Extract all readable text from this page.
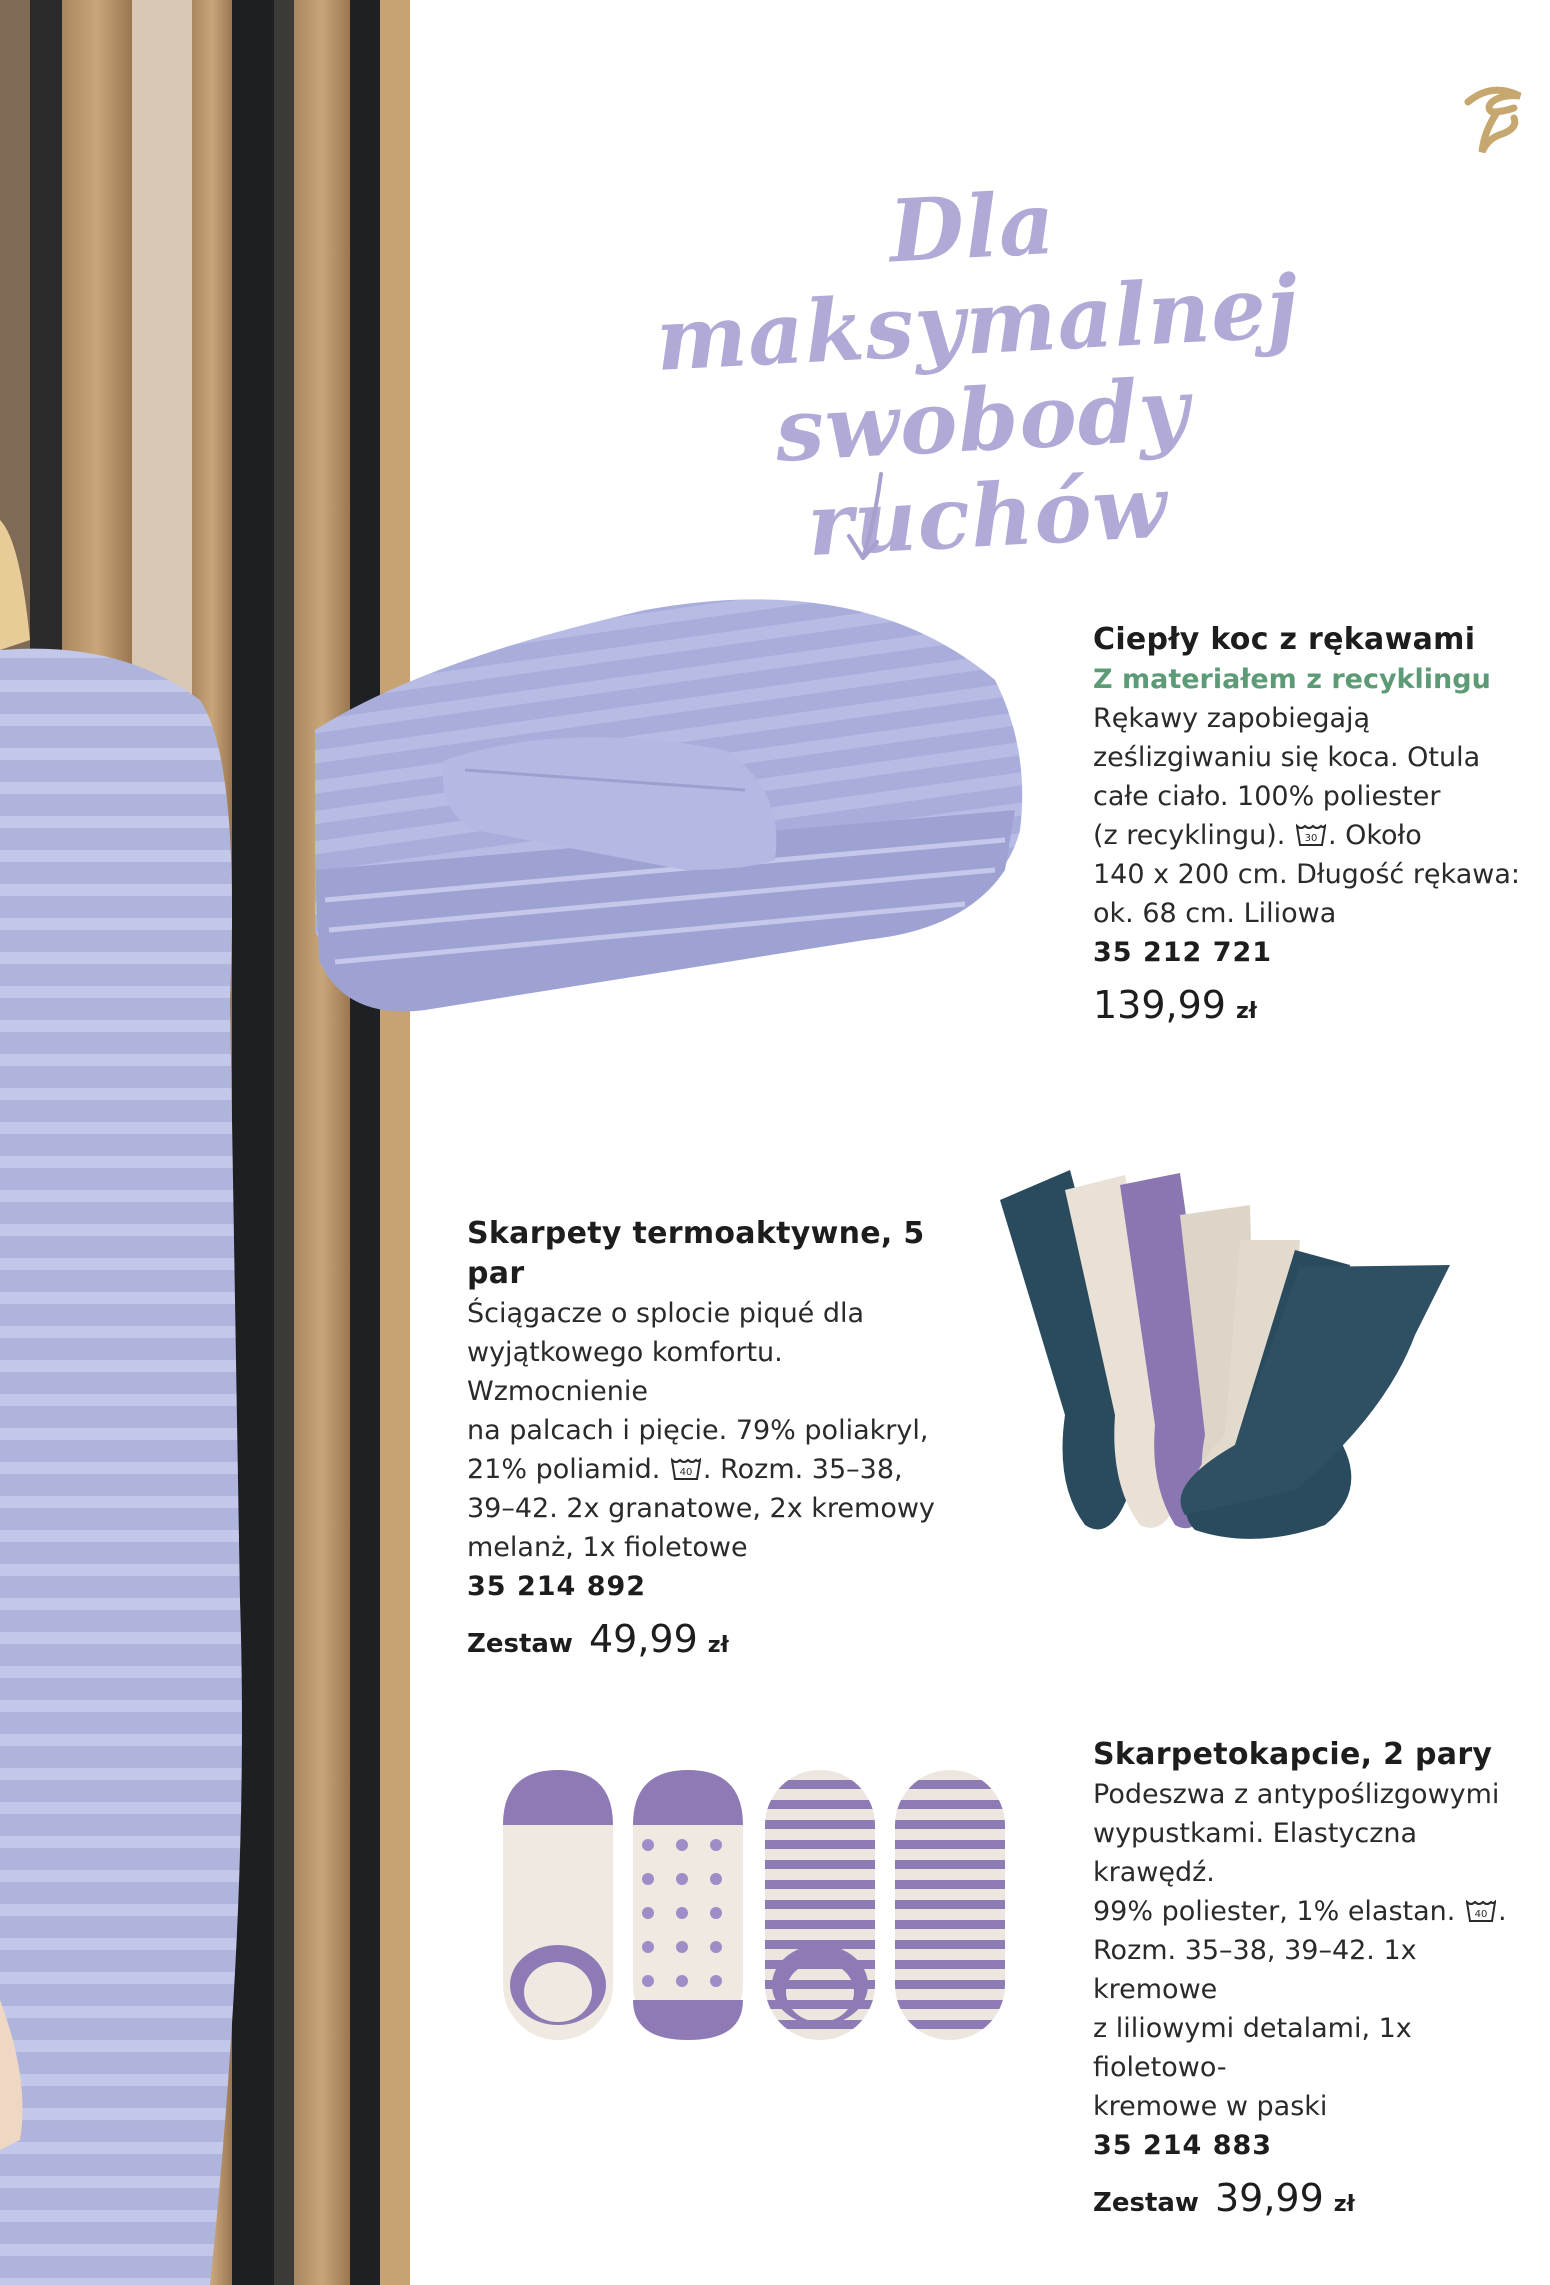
Dla maksymalnej
swobody ruchów
Ciepły koc z rękawami
Z materiałem z recyklingu
Rękawy zapobiegają
ześlizgiwaniu się koca. Otula
całe ciało. 100% poliester
(z recyklingu). 30 . Około
140 x 200 cm. Długość rękawa:
ok. 68 cm. Liliowa
35 212 721
139,99 zł
Skarpety termoaktywne, 5 par
Ściągacze o splocie piqué dla
wyjątkowego komfortu. Wzmocnienie
na palcach i pięcie. 79% poliakryl,
21% poliamid. 40 . Rozm. 35–38,
39–42. 2x granatowe, 2x kremowy
melanż, 1x fioletowe
35 214 892
Zestaw 49,99 zł
Skarpetokapcie, 2 pary
Podeszwa z antypoślizgowymi
wypustkami. Elastyczna krawędź.
99% poliester, 1% elastan. 40 .
Rozm. 35–38, 39–42. 1x kremowe
z liliowymi detalami, 1x fioletowo-
kremowe w paski
35 214 883
Zestaw 39,99 zł
